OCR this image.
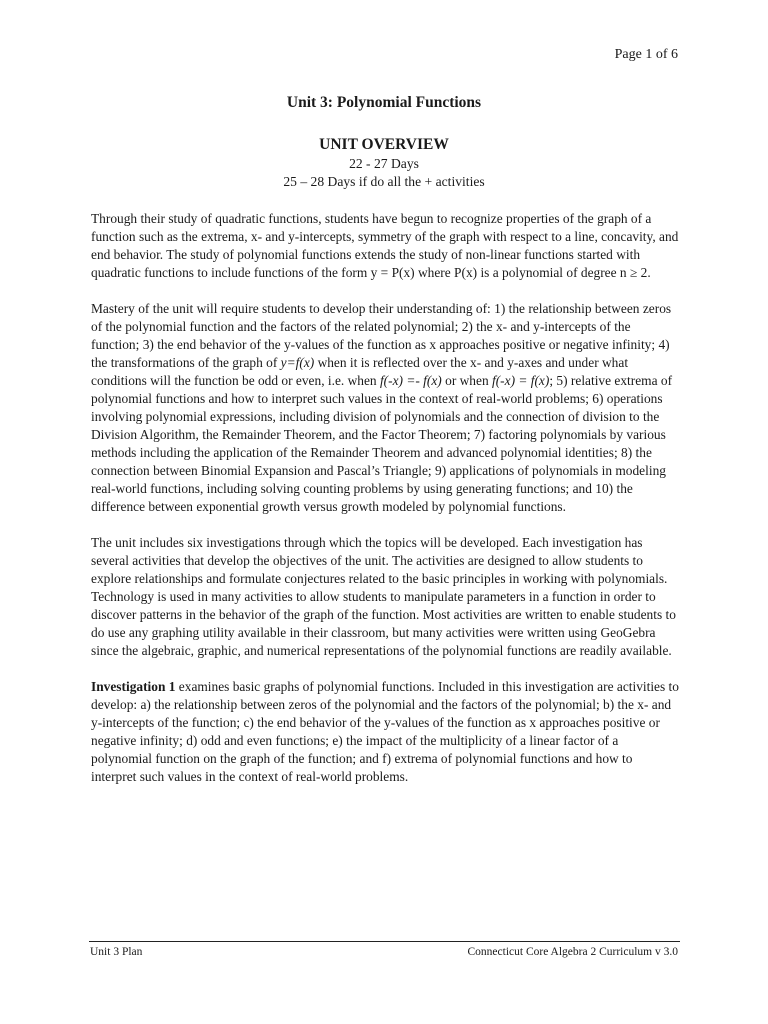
Page 1 of 6
Unit 3: Polynomial Functions
UNIT OVERVIEW
22 - 27 Days
25 – 28 Days if do all the + activities

Through their study of quadratic functions, students have begun to recognize properties of the graph of a function such as the extrema, x- and y-intercepts, symmetry of the graph with respect to a line, concavity, and end behavior. The study of polynomial functions extends the study of non-linear functions started with quadratic functions to include functions of the form y = P(x) where P(x) is a polynomial of degree n ≥ 2.

Mastery of the unit will require students to develop their understanding of: 1) the relationship between zeros of the polynomial function and the factors of the related polynomial; 2) the x- and y-intercepts of the function; 3) the end behavior of the y-values of the function as x approaches positive or negative infinity; 4) the transformations of the graph of y=f(x) when it is reflected over the x- and y-axes and under what conditions will the function be odd or even, i.e. when f(-x) =- f(x) or when f(-x) = f(x); 5) relative extrema of polynomial functions and how to interpret such values in the context of real-world problems; 6) operations involving polynomial expressions, including division of polynomials and the connection of division to the Division Algorithm, the Remainder Theorem, and the Factor Theorem; 7) factoring polynomials by various methods including the application of the Remainder Theorem and advanced polynomial identities; 8) the connection between Binomial Expansion and Pascal’s Triangle; 9) applications of polynomials in modeling real-world functions, including solving counting problems by using generating functions; and 10) the difference between exponential growth versus growth modeled by polynomial functions.

The unit includes six investigations through which the topics will be developed. Each investigation has several activities that develop the objectives of the unit. The activities are designed to allow students to explore relationships and formulate conjectures related to the basic principles in working with polynomials. Technology is used in many activities to allow students to manipulate parameters in a function in order to discover patterns in the behavior of the graph of the function. Most activities are written to enable students to do use any graphing utility available in their classroom, but many activities were written using GeoGebra since the algebraic, graphic, and numerical representations of the polynomial functions are readily available.

Investigation 1 examines basic graphs of polynomial functions. Included in this investigation are activities to develop: a) the relationship between zeros of the polynomial and the factors of the polynomial; b) the x- and y-intercepts of the function; c) the end behavior of the y-values of the function as x approaches positive or negative infinity; d) odd and even functions; e) the impact of the multiplicity of a linear factor of a polynomial function on the graph of the function; and f) extrema of polynomial functions and how to interpret such values in the context of real-world problems.

Unit 3 Plan	Connecticut Core Algebra 2 Curriculum v 3.0
